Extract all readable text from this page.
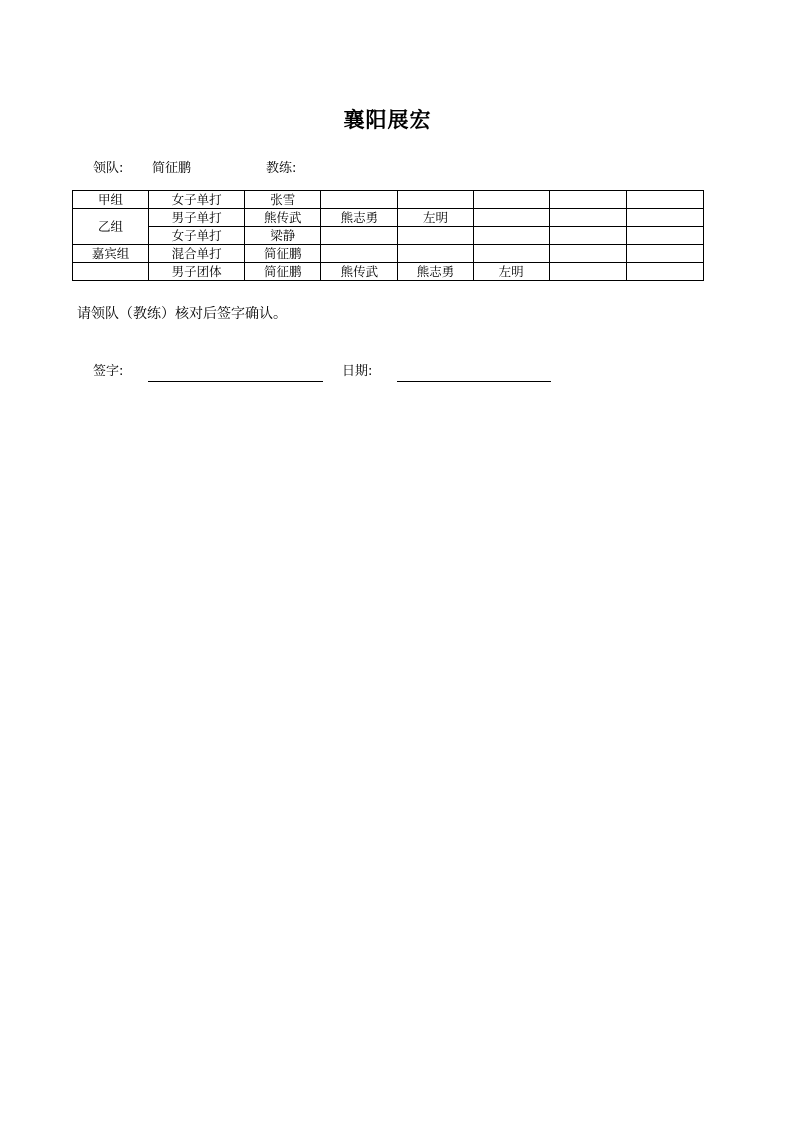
襄阳展宏
领队: 简征鹏	教练:
甲组	女子单打	张雪					
乙组	男子单打	熊传武	熊志勇	左明			
	女子单打	梁静					
嘉宾组	混合单打	简征鹏					
	男子团体	简征鹏	熊传武	熊志勇	左明		
请领队（教练）核对后签字确认。
签字:	日期:
